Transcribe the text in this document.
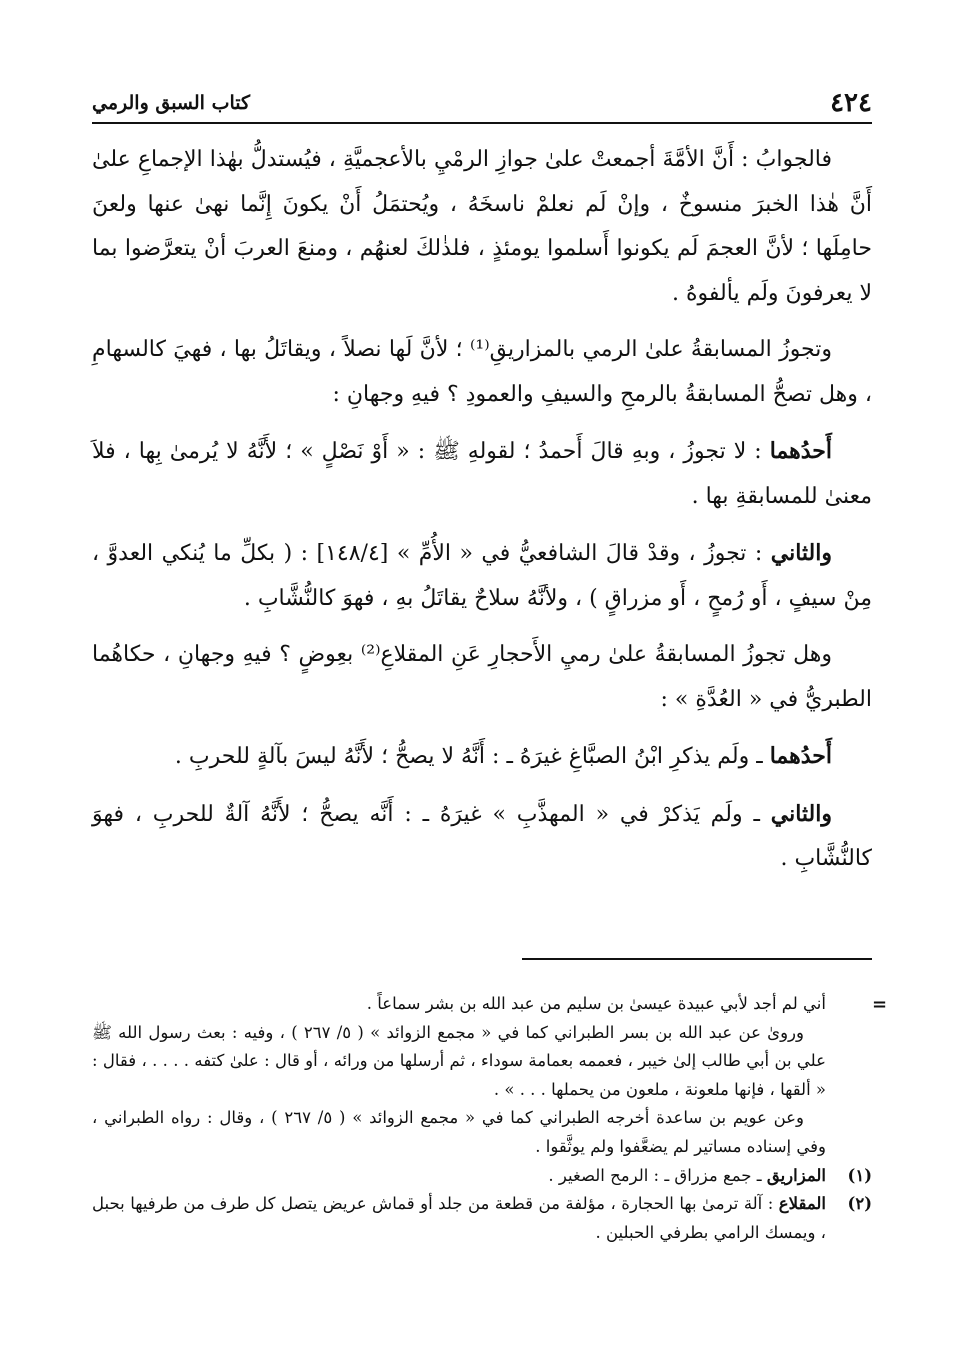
٤٢٤
كتاب السبق والرمي

فالجوابُ : أَنَّ الأمَّةَ أجمعتْ علىٰ جوازِ الرمْيِ بالأعجميَّةِ ، فيُستدلُّ بهٰذا الإجماعِ علىٰ أَنَّ هٰذا الخبرَ منسوخٌ ، وإنْ لَم نعلمْ ناسخَهُ ، ويُحتمَلُ أَنْ يكونَ إِنَّما نهىٰ عنها ولعنَ حامِلَها ؛ لأنَّ العجمَ لَم يكونوا أَسلموا يومئذٍ ، فلذٰلكَ لعنهُم ، ومنعَ العربَ أنْ يتعرَّضوا بما لا يعرفونَ ولَم يألفوهُ .

وتجوزُ المسابقةُ علىٰ الرمي بالمزاريقِ⁽¹⁾ ؛ لأنَّ لَها نصلاً ، ويقاتَلُ بها ، فهيَ كالسهامِ ، وهل تصحُّ المسابقةُ بالرمحِ والسيفِ والعمودِ ؟ فيهِ وجهانِ :

أَحدُهما : لا تجوزُ ، وبهِ قالَ أَحمدُ ؛ لقولهِ ﷺ : « أَوْ نَصْلٍ » ؛ لأَنَّهُ لا يُرمىٰ بِها ، فلاَ معنىٰ للمسابقةِ بها .

والثاني : تجوزُ ، وقدْ قالَ الشافعيُّ في « الأُمِّ » [١٤٨/٤] : ( بكلِّ ما يُنكي العدوَّ ، مِنْ سيفٍ ، أَو رُمحٍ ، أَو مزراقٍ ) ، ولأنَّهُ سلاحٌ يقاتَلُ بهِ ، فهوَ كالنُّشَّابِ .

وهل تجوزُ المسابقةُ علىٰ رميِ الأَحجارِ عَنِ المقلاعِ⁽²⁾ بعِوضٍ ؟ فيهِ وجهانِ ، حكاهُما الطبريُّ في « العُدَّةِ » :

أَحدُهما ـ ولَم يذكرِ ابْنُ الصبَّاغِ غيرَهُ ـ : أَنَّهُ لا يصحُّ ؛ لأَنَّهُ ليسَ بآلةٍ للحربِ .

والثاني ـ ولَم يَذكرْ في « المهذَّبِ » غيرَهُ ـ : أَنَّه يصحُّ ؛ لأَنَّهُ آلةٌ للحربِ ، فهوَ كالنُّشَّابِ .

=

أني لم أجد لأبي عبيدة عيسىٰ بن سليم من عبد الله بن بشر سماعاً .

ورویٰ عن عبد الله بن بسر الطبراني كما في « مجمع الزوائد » ( ٥/ ٢٦٧ ) ، وفيه : بعث رسول الله ﷺ علي بن أبي طالب إلىٰ خيبر ، فعممه بعمامة سوداء ، ثم أرسلها من ورائه ، أو قال : علىٰ كتفه . . . . ، فقال : « ألقها ، فإنها ملعونة ، ملعون من يحملها . . . » .

وعن عويم بن ساعدة أخرجه الطبراني كما في « مجمع الزوائد » ( ٥/ ٢٦٧ ) ، وقال : رواه الطبراني ، وفي إسناده مساتير لم يضعَّفوا ولم يوثَّقوا .

(١)
المزاريق ـ جمع مزراق ـ : الرمح الصغير .
(٢)
المقلاع : آلة ترمىٰ بها الحجارة ، مؤلفة من قطعة من جلد أو قماش عريض يتصل كل طرف من طرفيها بحبل ، ويمسك الرامي بطرفي الحبلين .
